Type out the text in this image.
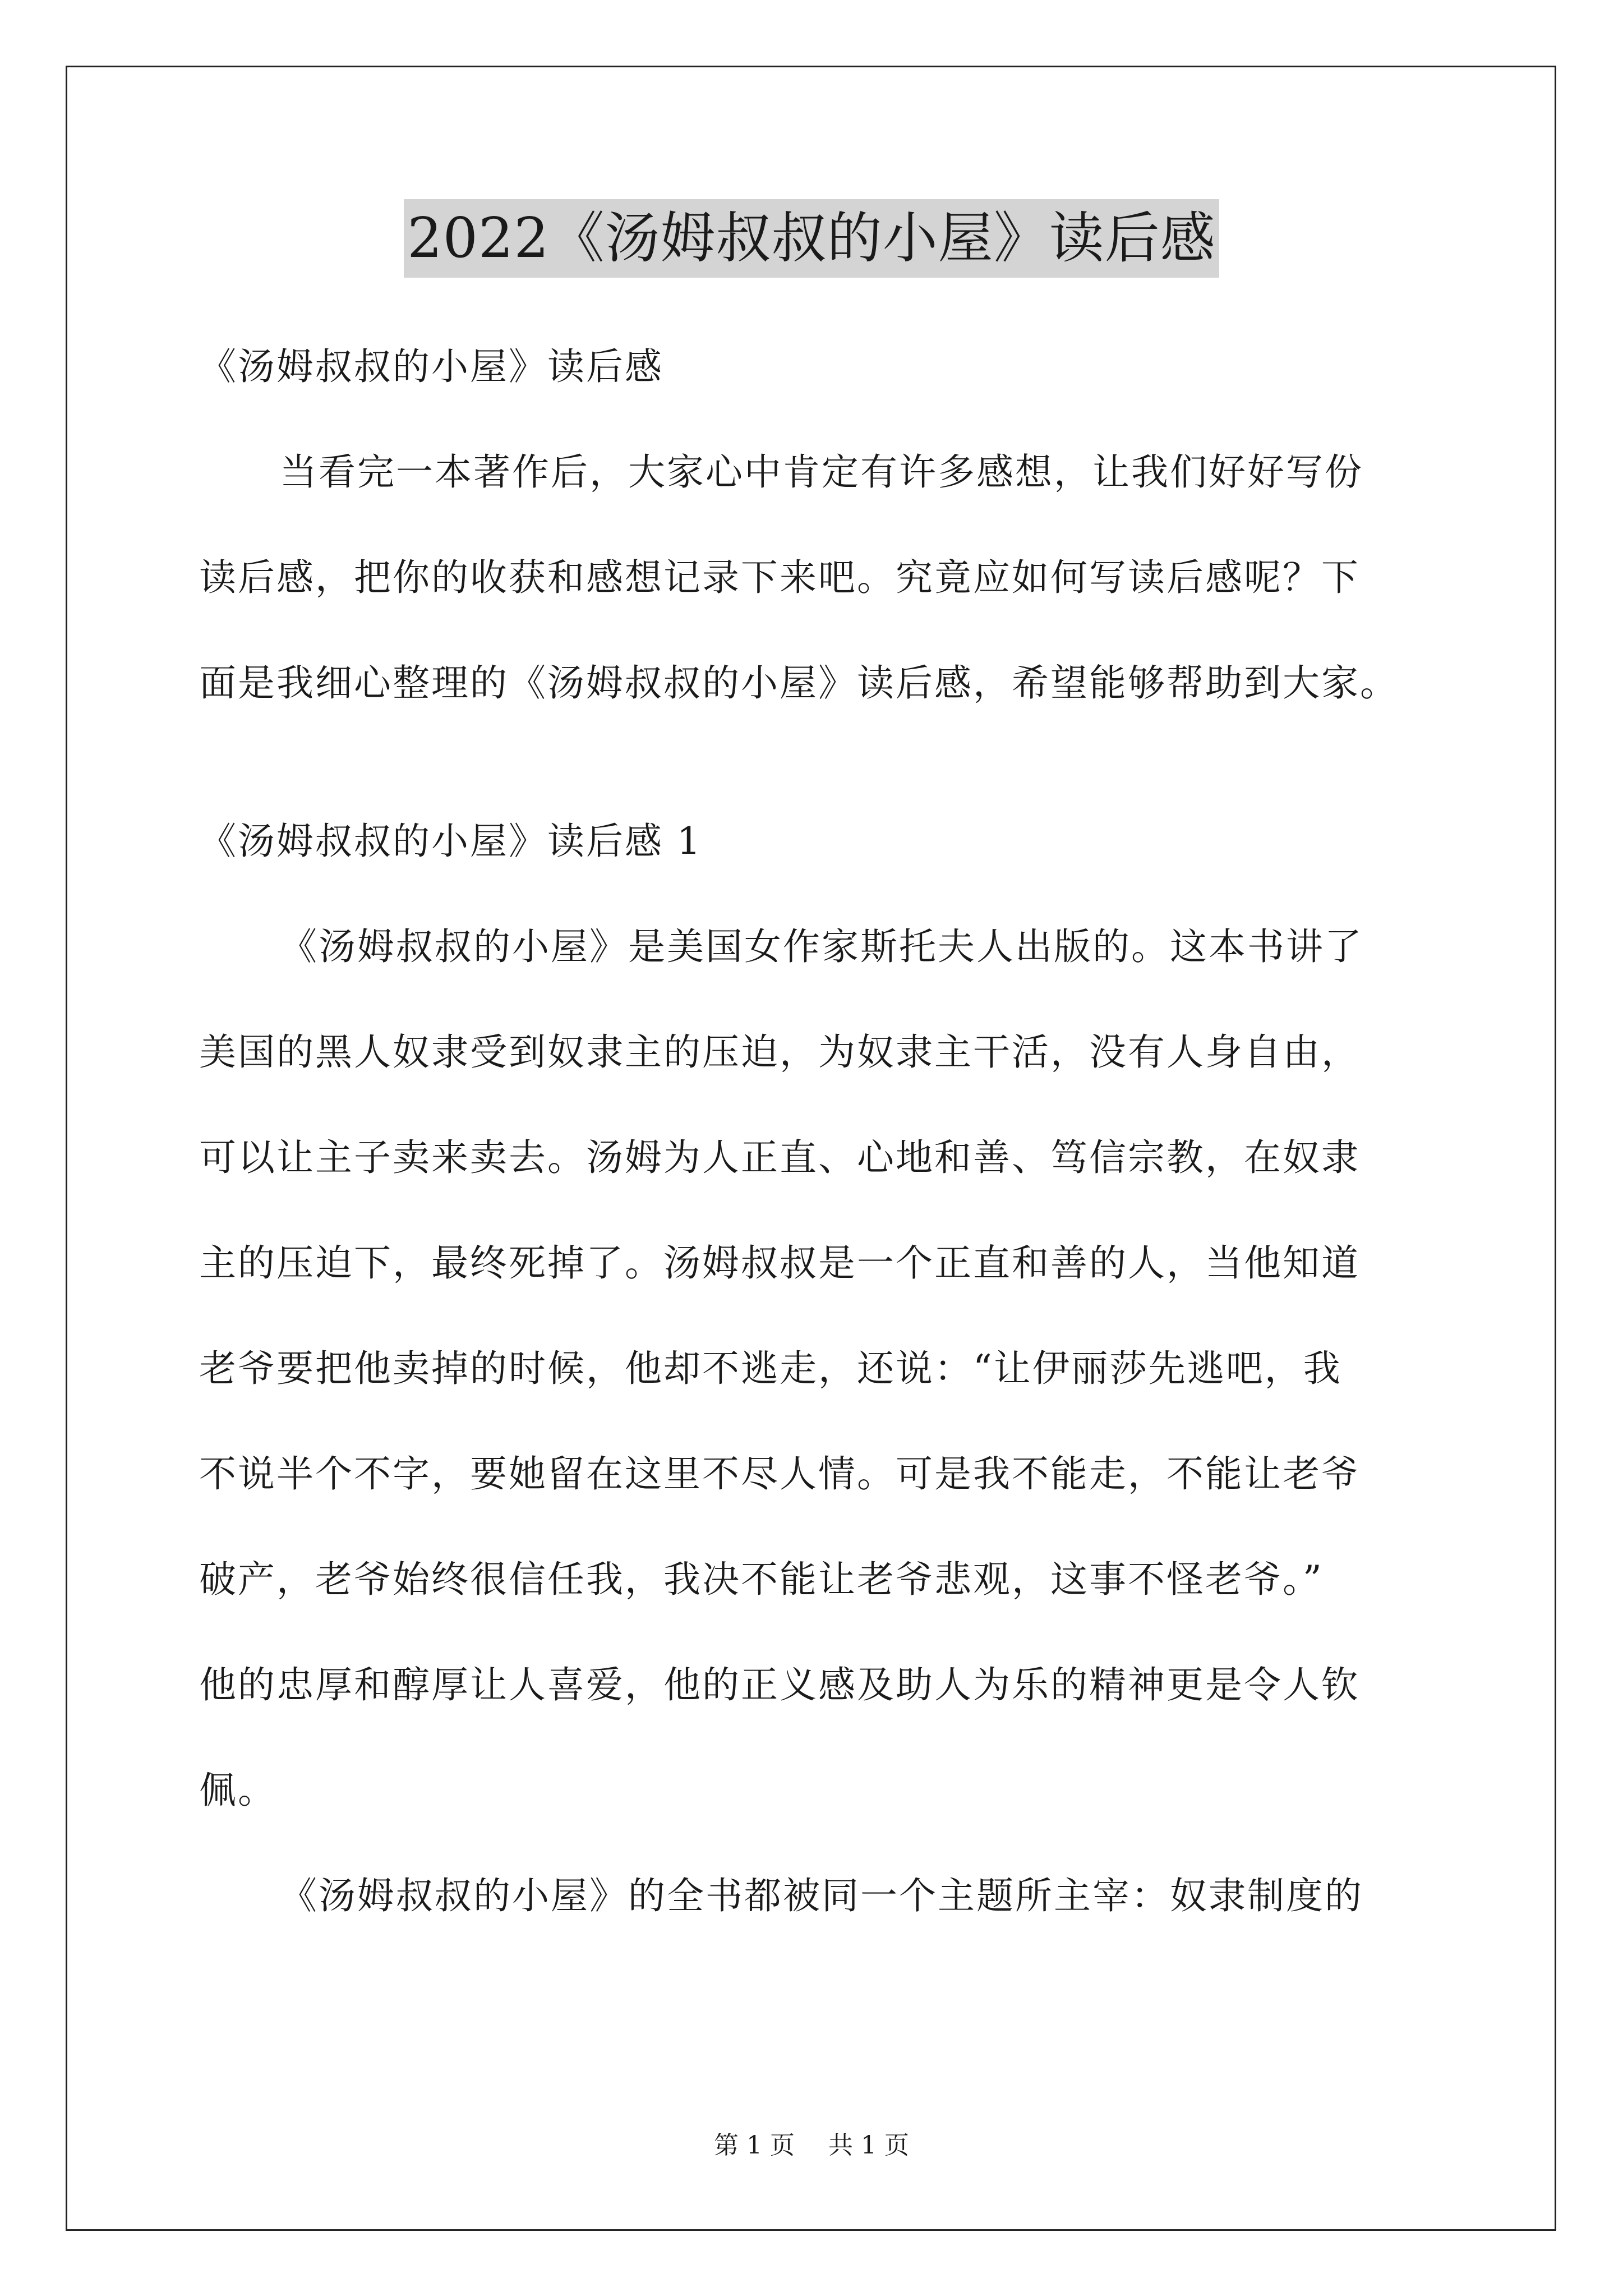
2022《汤姆叔叔的小屋》读后感
《汤姆叔叔的小屋》读后感
当看完一本著作后，大家心中肯定有许多感想，让我们好好写份
读后感，把你的收获和感想记录下来吧。究竟应如何写读后感呢？下
面是我细心整理的《汤姆叔叔的小屋》读后感，希望能够帮助到大家。
《汤姆叔叔的小屋》读后感 1
《汤姆叔叔的小屋》是美国女作家斯托夫人出版的。这本书讲了
美国的黑人奴隶受到奴隶主的压迫，为奴隶主干活，没有人身自由，
可以让主子卖来卖去。汤姆为人正直、心地和善、笃信宗教，在奴隶
主的压迫下，最终死掉了。汤姆叔叔是一个正直和善的人，当他知道
老爷要把他卖掉的时候，他却不逃走，还说：“让伊丽莎先逃吧，我
不说半个不字，要她留在这里不尽人情。可是我不能走，不能让老爷
破产，老爷始终很信任我，我决不能让老爷悲观，这事不怪老爷。”
他的忠厚和醇厚让人喜爱，他的正义感及助人为乐的精神更是令人钦
佩。
《汤姆叔叔的小屋》的全书都被同一个主题所主宰：奴隶制度的
第 1 页 共 1 页
